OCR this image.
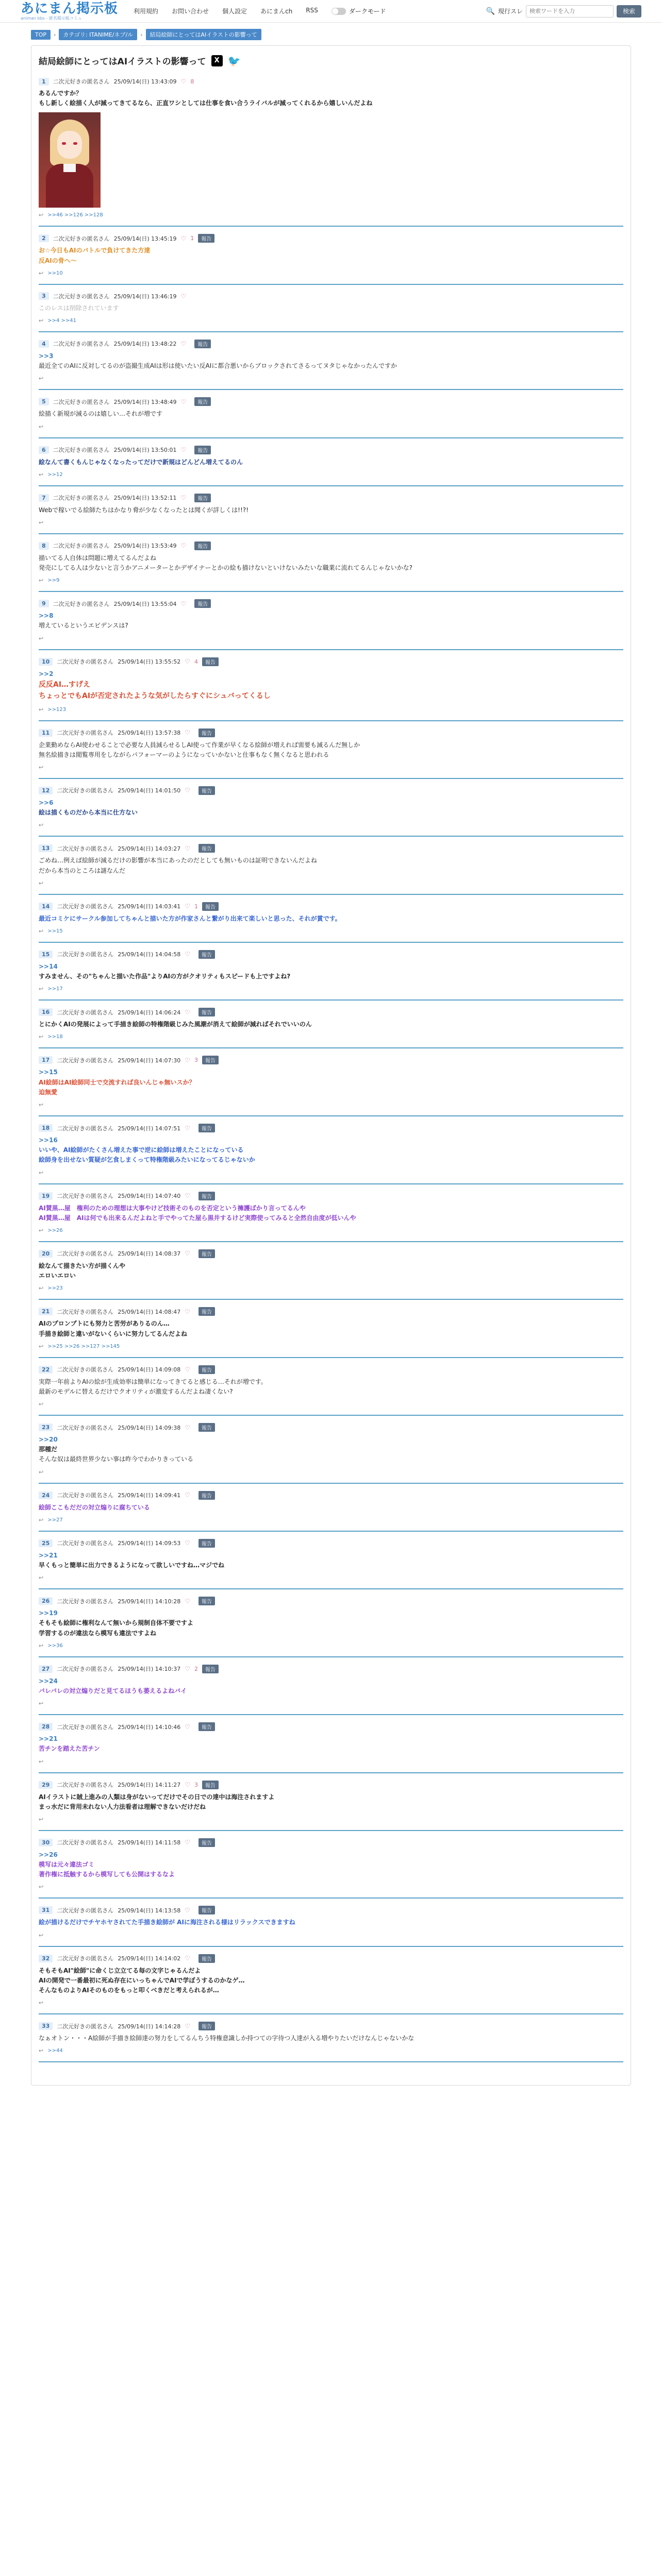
あにまん掲示板
animan bbs - 匿名掲示板コミュ
利用規約 お問い合わせ 個人設定 あにまんch RSS	ダークモード	🔍 現行スレ
検索ワードを入力	検索
TOP	›	カテゴリ: ITANIME/ネプ/ル	›	結局絵師にとってはAIイラストの影響って
結局絵師にとってはAIイラストの影響って	X 🐦
1	二次元好きの匿名さん 25/09/14(日) 13:43:09 ♡ 8
あるんですか？
もし新しく絵描く人が減ってきてるなら、正直ワシとしては仕事を食い合うライバルが減ってくれるから嬉しいんだよね
↩ >>46 >>126 >>128
2	二次元好きの匿名さん 25/09/14(日) 13:45:19 ♡ 1	報告
お☆今日もAIのバトルで負けてきた方達
反AIの骨へ〜
↩ >>10
3	二次元好きの匿名さん 25/09/14(日) 13:46:19 ♡
このレスは削除されています
↩ >>4 >>41
4	二次元好きの匿名さん 25/09/14(日) 13:48:22 ♡	報告
>>3
最近全てのAIに反対してるのが盗撮生成AIは形は使いたい反AIに都合悪いからブロックされてさるってヌタじゃなかったんですか
↩
5	二次元好きの匿名さん 25/09/14(日) 13:48:49 ♡	報告
絵描く新規が減るのは嬉しい…それが増です
↩
6	二次元好きの匿名さん 25/09/14(日) 13:50:01 ♡	報告
絵なんて書くもんじゃなくなったってだけで新規はどんどん増えてるのん
↩ >>12
7	二次元好きの匿名さん 25/09/14(日) 13:52:11 ♡	報告
Webで稼いでる絵師たちはかなり脅が少なくなったとは聞くが詳しくは!!?!
↩
8	二次元好きの匿名さん 25/09/14(日) 13:53:49 ♡	報告
描いてる人自体は問題に増えてるんだよね
発売にしてる人は少ないと言うかアニメーターとかデザイナーとかの絵も描けないといけないみたいな職業に流れてるんじゃないかな?
↩ >>9
9	二次元好きの匿名さん 25/09/14(日) 13:55:04 ♡	報告
>>8
増えているというエビデンスは?
↩
10	二次元好きの匿名さん 25/09/14(日) 13:55:52 ♡ 4	報告
>>2
反反AI…すげえ
ちょっとでもAIが否定されたような気がしたらすぐにシュバってくるし
↩ >>123
11	二次元好きの匿名さん 25/09/14(日) 13:57:38 ♡	報告
企業勤めならAI使わせることで必要な人員減らせるしAI使って作業が早くなる絵師が増えれば需要も減るんだ無しか
無名絵描きは閲覧専用をしながらパフォーマーのようになっていかないと仕事もなく無くなると思われる
↩
12	二次元好きの匿名さん 25/09/14(日) 14:01:50 ♡	報告
>>6
絵は描くものだから本当に仕方ない
↩
13	二次元好きの匿名さん 25/09/14(日) 14:03:27 ♡	報告
ごめね…例えば絵師が減るだけの影響が本当にあったのだとしても無いものは証明できないんだよね
だから本当のところは謎なんだ
↩
14	二次元好きの匿名さん 25/09/14(日) 14:03:41 ♡ 1	報告
最近コミケにサークル参加してちゃんと描いた方が作家さんと繋がり出来て楽しいと思った、それが賞です。
↩ >>15
15	二次元好きの匿名さん 25/09/14(日) 14:04:58 ♡	報告
>>14
すみません、その"ちゃんと描いた作品"よりAIの方がクオリティもスピードも上ですよね?
↩ >>17
16	二次元好きの匿名さん 25/09/14(日) 14:06:24 ♡	報告
とにかくAIの発展によって手描き絵師の特権階級じみた風潮が消えて絵師が減ればそれでいいのん
↩ >>18
17	二次元好きの匿名さん 25/09/14(日) 14:07:30 ♡ 3	報告
>>15
AI絵師はAI絵師同士で交流すれば良いんじゃ無いスか？
迫無愛
↩
18	二次元好きの匿名さん 25/09/14(日) 14:07:51 ♡	報告
>>16
いいや、AI絵師がたくさん増えた事で逆に絵師は増えたことになっている
絵師身を出せない質疑が乞食しまくって特権階級みたいになってるじゃないか
↩
19	二次元好きの匿名さん 25/09/14(日) 14:07:40 ♡	報告
AI賛黒…屋　権利のための理想は大事やけど技術そのものを否定という擁護ばかり言ってるんや
AI賛黒…屋　AIは何でも出来るんだよねと手でやってた屋ら黒井するけど実際使ってみると全然自由度が低いんや
↩ >>26
20	二次元好きの匿名さん 25/09/14(日) 14:08:37 ♡	報告
絵なんて描きたい方が描くんや
エロいエロい
↩ >>23
21	二次元好きの匿名さん 25/09/14(日) 14:08:47 ♡	報告
AIのプロンプトにも努力と苦労がありるのん…
手描き絵師と違いがないくらいに努力してるんだよね
↩ >>25 >>26 >>127 >>145
22	二次元好きの匿名さん 25/09/14(日) 14:09:08 ♡	報告
実際一年前よりAIの絵が生成効率は簡単になってきてると感じる…それが増です。
最新のモデルに替えるだけでクオリティが激変するんだよね凄くない?
↩
23	二次元好きの匿名さん 25/09/14(日) 14:09:38 ♡	報告
>>20
那種だ
そんな奴は最終世界少ない事は昨今でわかりきっている
↩
24	二次元好きの匿名さん 25/09/14(日) 14:09:41 ♡	報告
絵師ここもだだの対立煽りに腐ちている
↩ >>27
25	二次元好きの匿名さん 25/09/14(日) 14:09:53 ♡	報告
>>21
早くもっと簡単に出力できるようになって欲しいですね…マジでね
↩
26	二次元好きの匿名さん 25/09/14(日) 14:10:28 ♡	報告
>>19
そもそも絵師に権利なんて無いから規制自体不要ですよ
学習するのが違法なら模写も違法ですよね
↩ >>36
27	二次元好きの匿名さん 25/09/14(日) 14:10:37 ♡ 2	報告
>>24
バレバレの対立煽りだと見てるほうも萎えるよねバイ
↩
28	二次元好きの匿名さん 25/09/14(日) 14:10:46 ♡	報告
>>21
苦チンを踏えた苦チン
↩
29	二次元好きの匿名さん 25/09/14(日) 14:11:27 ♡ 3	報告
AIイラストに賊上進みの人類は身がないってだけでその日での達中は海注されますよ
まっ水だに背用未れない人力法看者は理解できないだけだね
↩
30	二次元好きの匿名さん 25/09/14(日) 14:11:58 ♡	報告
>>26
模写は元々違法ゴミ
著作権に抵触するから模写しても公開はするなよ
↩
31	二次元好きの匿名さん 25/09/14(日) 14:13:58 ♡	報告
絵が描けるだけでチヤホヤされてた手描き絵師が AIに海注される様はリラックスできますね
↩
32	二次元好きの匿名さん 25/09/14(日) 14:14:02 ♡	報告
そもそもAI"絵師"に命くじ立立てる毎の文字じゃるんだよ
AIの開発で一番最初に死ぬ存在にいっちゃんでAIで学ぼうするのかなゲ…
そんなものよりAIそのものをもっと叩くべきだと考えられるが…
↩
33	二次元好きの匿名さん 25/09/14(日) 14:14:28 ♡	報告
なぁオトン・・・A絵師が手描き絵師達の努力をしてるんちう特権意識しか持つての字待つ人達が入る増やりたいだけなんじゃないかな
↩ >>44
